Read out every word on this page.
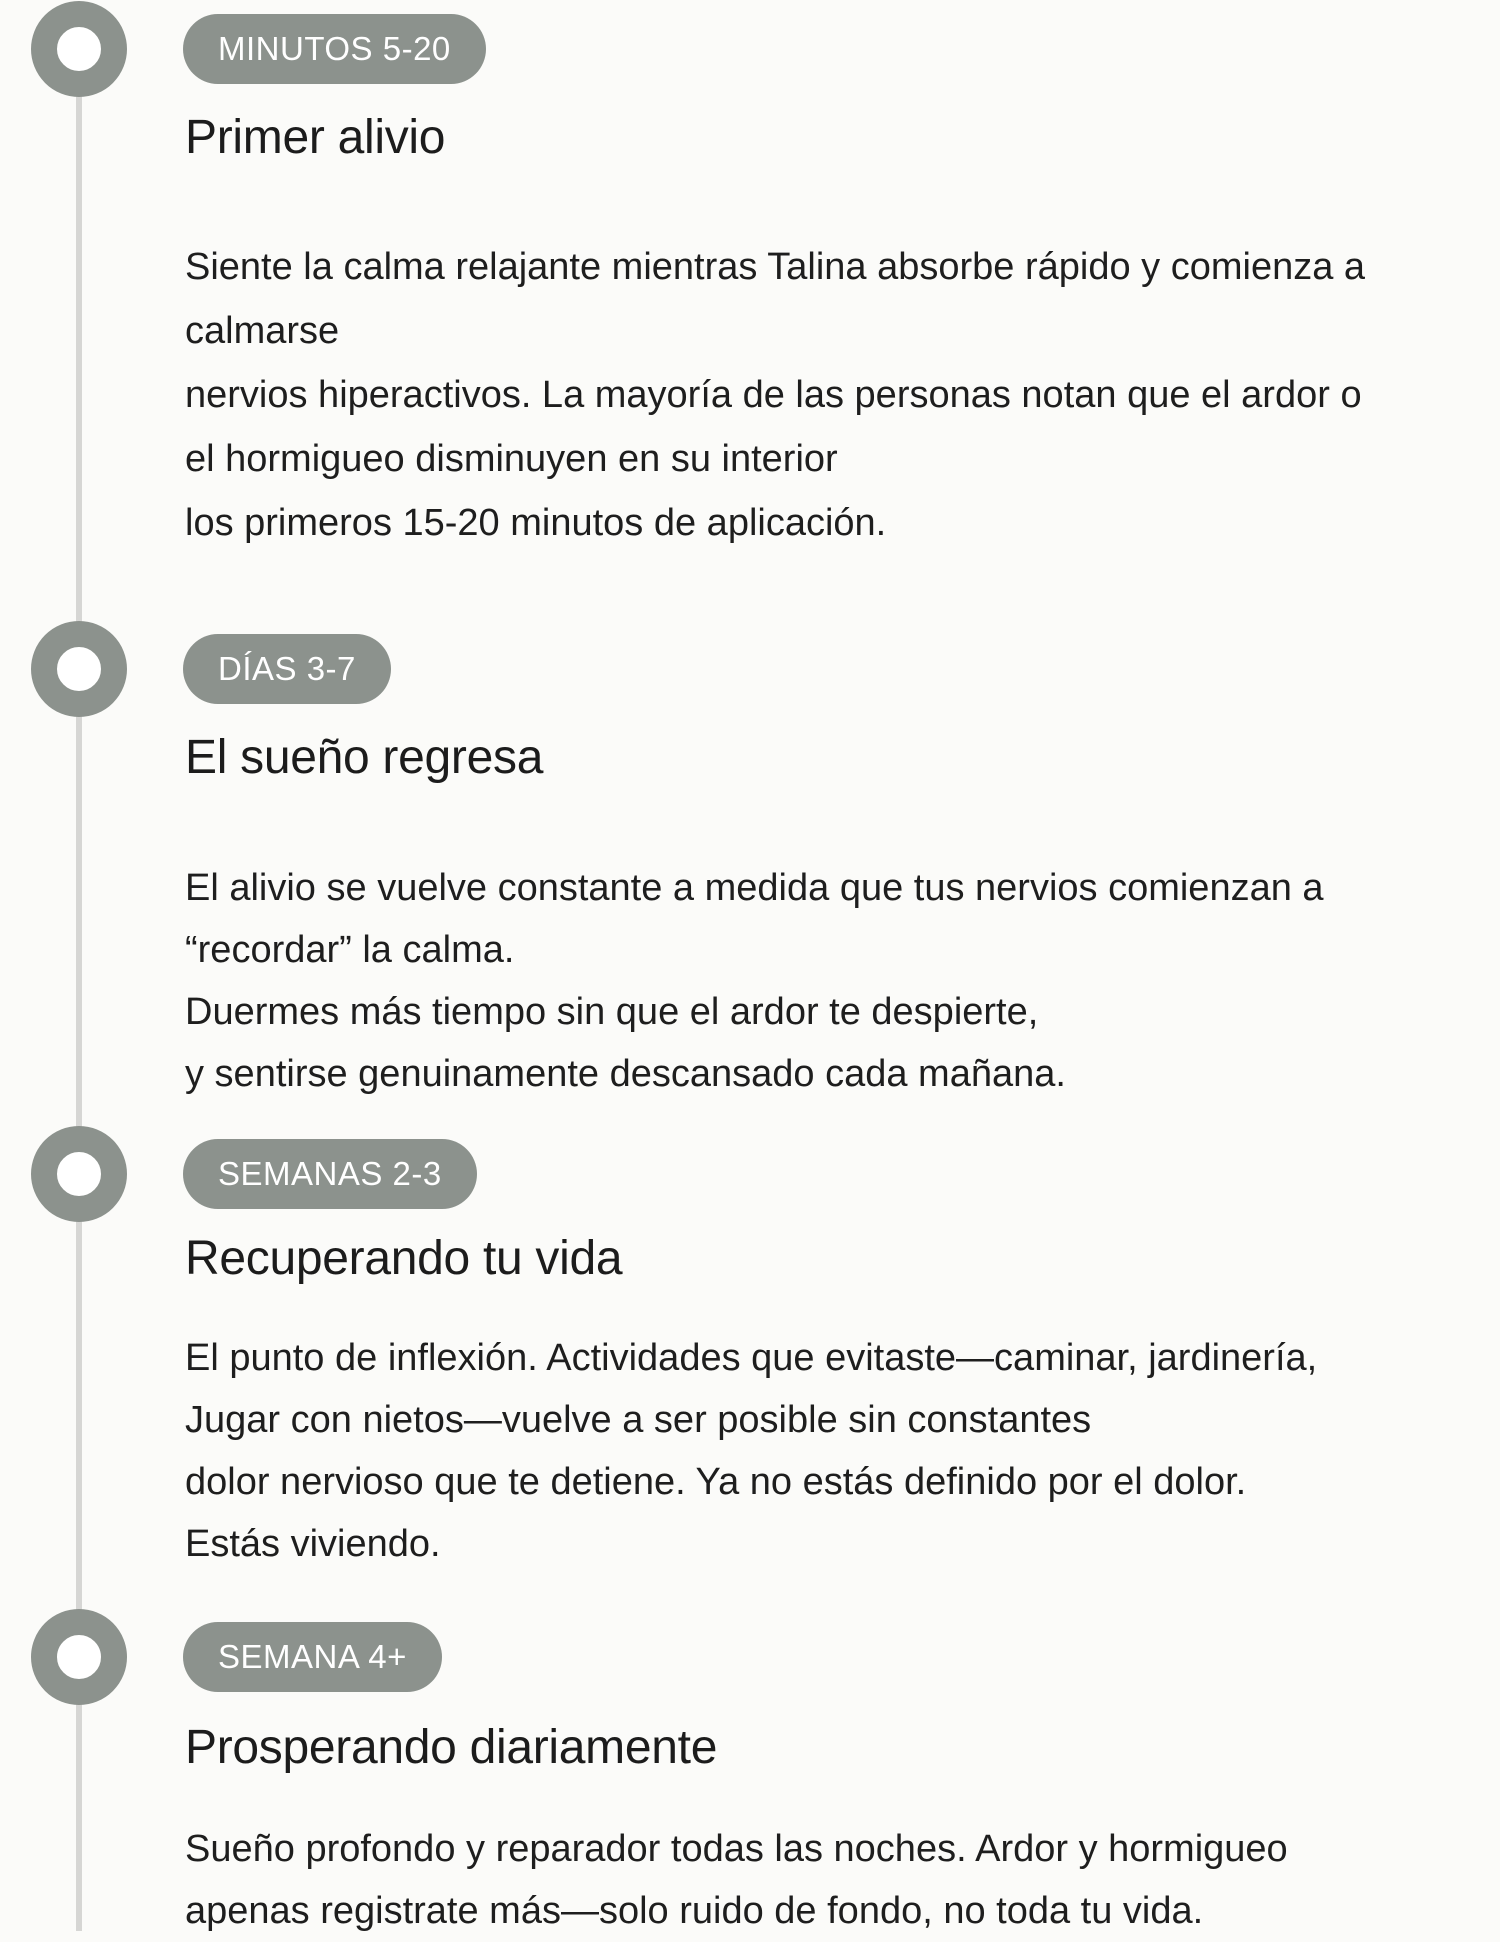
MINUTOS 5-20
Primer alivio

Siente la calma relajante mientras Talina absorbe rápido y comienza a
calmarse
nervios hiperactivos. La mayoría de las personas notan que el ardor o
el hormigueo disminuyen en su interior
los primeros 15-20 minutos de aplicación.

DÍAS 3-7
El sueño regresa

El alivio se vuelve constante a medida que tus nervios comienzan a
“recordar” la calma.
Duermes más tiempo sin que el ardor te despierte,
y sentirse genuinamente descansado cada mañana.

SEMANAS 2-3
Recuperando tu vida

El punto de inflexión. Actividades que evitaste—caminar, jardinería,
Jugar con nietos—vuelve a ser posible sin constantes
dolor nervioso que te detiene. Ya no estás definido por el dolor.
Estás viviendo.

SEMANA 4+
Prosperando diariamente

Sueño profondo y reparador todas las noches. Ardor y hormigueo
apenas registrate más—solo ruido de fondo, no toda tu vida.
